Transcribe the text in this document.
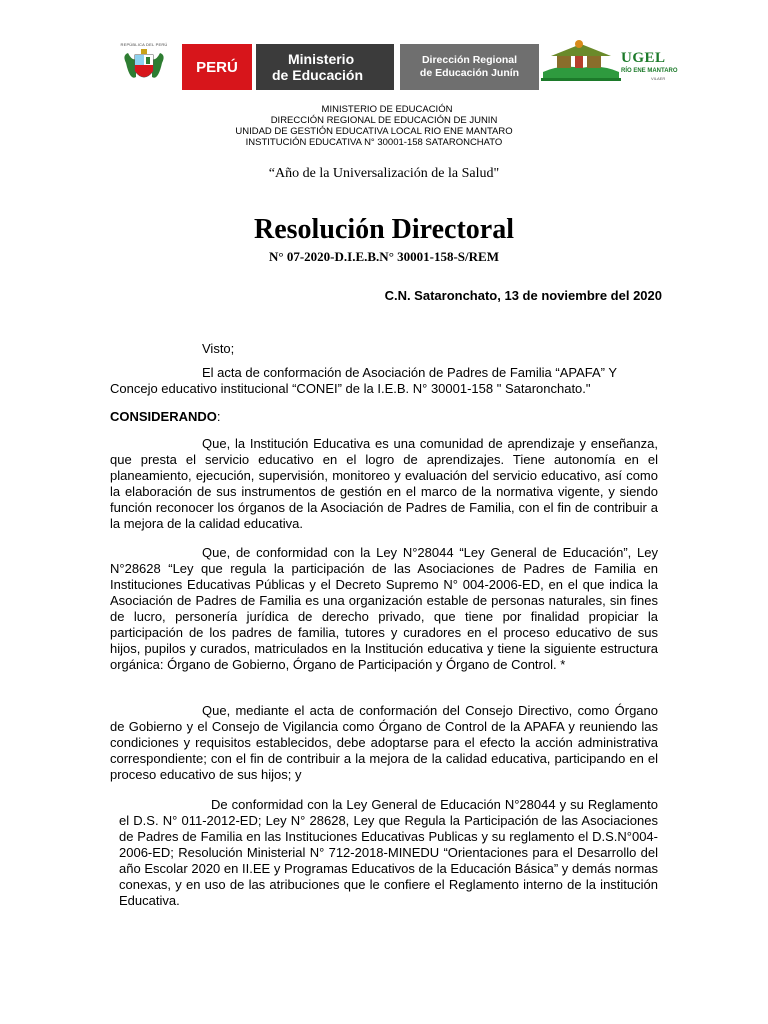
REPÚBLICA DEL PERÚ
PERÚ	Ministerio
de Educación
Dirección Regional
de Educación Junín
UGEL
RÍO ENE MANTARO
VILAER
MINISTERIO DE EDUCACIÓN
DIRECCIÓN REGIONAL DE EDUCACIÓN DE JUNIN
UNIDAD DE GESTIÓN EDUCATIVA LOCAL RIO ENE MANTARO
INSTITUCIÓN EDUCATIVA N° 30001-158 SATARONCHATO
“Año de la Universalización de la Salud"
Resolución Directoral
N° 07-2020-D.I.E.B.N° 30001-158-S/REM
C.N. Sataronchato, 13 de noviembre del 2020
Visto;
El acta de conformación de Asociación de Padres de Familia “APAFA” Y
Concejo educativo institucional “CONEI” de la I.E.B. N° 30001-158 " Sataronchato."
CONSIDERANDO:
Que, la Institución Educativa es una comunidad de aprendizaje y enseñanza, que presta el servicio educativo en el logro de aprendizajes. Tiene autonomía en el planeamiento, ejecución, supervisión, monitoreo y evaluación del servicio educativo, así como la elaboración de sus instrumentos de gestión en el marco de la normativa vigente, y siendo función reconocer los órganos de la Asociación de Padres de Familia, con el fin de contribuir a la mejora de la calidad educativa.
Que, de conformidad con la Ley N°28044 “Ley General de Educación”, Ley N°28628 “Ley que regula la participación de las Asociaciones de Padres de Familia en Instituciones Educativas Públicas y el Decreto Supremo N° 004-2006-ED, en el que indica la Asociación de Padres de Familia es una organización estable de personas naturales, sin fines de lucro, personería jurídica de derecho privado, que tiene por finalidad propiciar la participación de los padres de familia, tutores y curadores en el proceso educativo de sus hijos, pupilos y curados, matriculados en la Institución educativa y tiene la siguiente estructura orgánica: Órgano de Gobierno, Órgano de Participación y Órgano de Control. *
Que, mediante el acta de conformación del Consejo Directivo, como Órgano de Gobierno y el Consejo de Vigilancia como Órgano de Control de la APAFA y reuniendo las condiciones y requisitos establecidos, debe adoptarse para el efecto la acción administrativa correspondiente; con el fin de contribuir a la mejora de la calidad educativa, participando en el proceso educativo de sus hijos; y
De conformidad con la Ley General de Educación N°28044 y su Reglamento el D.S. N° 011-2012-ED; Ley N° 28628, Ley que Regula la Participación de las Asociaciones de Padres de Familia en las Instituciones Educativas Publicas y su reglamento el D.S.N°004-2006-ED; Resolución Ministerial N° 712-2018-MINEDU “Orientaciones para el Desarrollo del año Escolar 2020 en II.EE y Programas Educativos de la Educación Básica” y demás normas conexas, y en uso de las atribuciones que le confiere el Reglamento interno de la institución Educativa.
